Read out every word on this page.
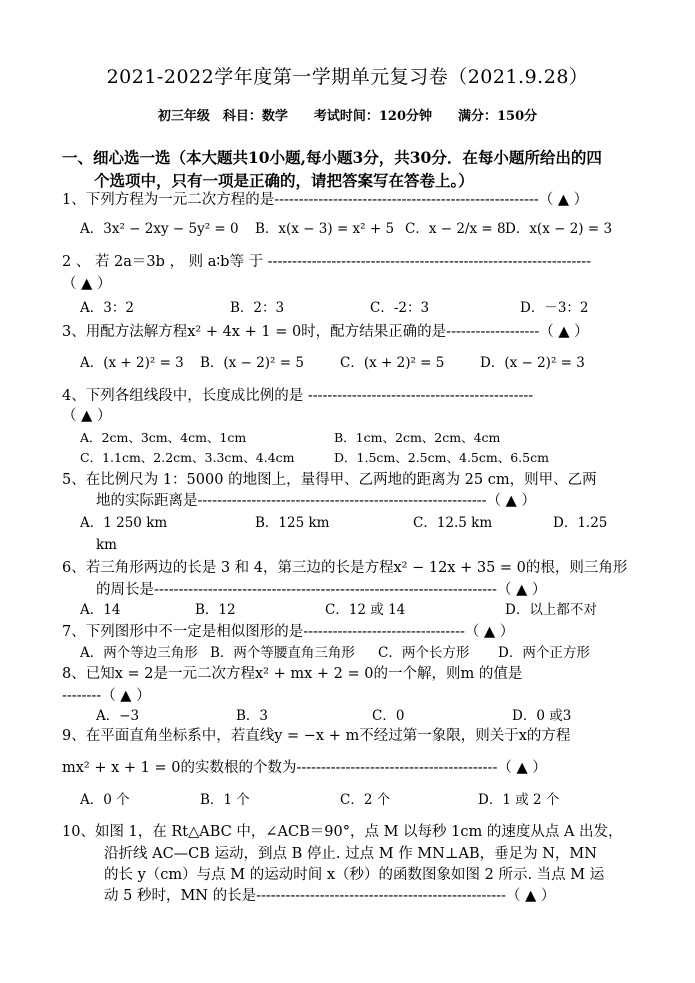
2021-2022学年度第一学期单元复习卷（2021.9.28）
初三年级　科目：数学　　考试时间：120分钟　　满分：150分
一、细心选一选（本大题共10小题,每小题3分，共30分．在每小题所给出的四
个选项中，只有一项是正确的，请把答案写在答卷上。）
1、下列方程为一元二次方程的是------------------------------------------------------（ ▲ ）
A．3x² − 2xy − 5y² = 0	B．x(x − 3) = x² + 5 C．x − 2/x = 8 D．x(x − 2) = 3
2 、 若 2a＝3b ， 则 a∶b等 于 ------------------------------------------------------------------
（ ▲ ）
A．3：2	B．2：3	C．-2：3	D．－3：2
3、用配方法解方程x² + 4x + 1 = 0时，配方结果正确的是-------------------（ ▲ ）
A．(x + 2)² = 3	B．(x − 2)² = 5	C．(x + 2)² = 5	D．(x − 2)² = 3
4、下列各组线段中，长度成比例的是 ----------------------------------------------
（ ▲ ）
A．2cm、3cm、4cm、1cm	B．1cm、2cm、2cm、4cm
C．1.1cm、2.2cm、3.3cm、4.4cm	D．1.5cm、2.5cm、4.5cm、6.5cm
5、在比例尺为 1：5000 的地图上，量得甲、乙两地的距离为 25 cm，则甲、乙两
地的实际距离是-----------------------------------------------------------（ ▲ ）
A．1 250 km	B．125 km	C．12.5 km	D．1.25
km
6、若三角形两边的长是 3 和 4，第三边的长是方程x² − 12x + 35 = 0的根，则三角形
的周长是----------------------------------------------------------------------（ ▲ ）
A．14	B．12	C．12 或 14	D．以上都不对
7、下列图形中不一定是相似图形的是---------------------------------（ ▲ ）
A．两个等边三角形 B．两个等腰直角三角形	C．两个长方形	D．两个正方形
8、已知x = 2是一元二次方程x² + mx + 2 = 0的一个解，则m 的值是
--------（ ▲ ）
A．−3	B．3	C．0	D．0 或3
9、在平面直角坐标系中，若直线y = −x + m不经过第一象限，则关于x的方程
mx² + x + 1 = 0的实数根的个数为-----------------------------------------（ ▲ ）
A．0 个	B．1 个	C．2 个	D．1 或 2 个
10、如图 1，在 Rt△ABC 中，∠ACB＝90°，点 M 以每秒 1cm 的速度从点 A 出发，
沿折线 AC—CB 运动，到点 B 停止. 过点 M 作 MN⊥AB，垂足为 N，MN
的长 y（cm）与点 M 的运动时间 x（秒）的函数图象如图 2 所示. 当点 M 运
动 5 秒时，MN 的长是---------------------------------------------------（ ▲ ）
